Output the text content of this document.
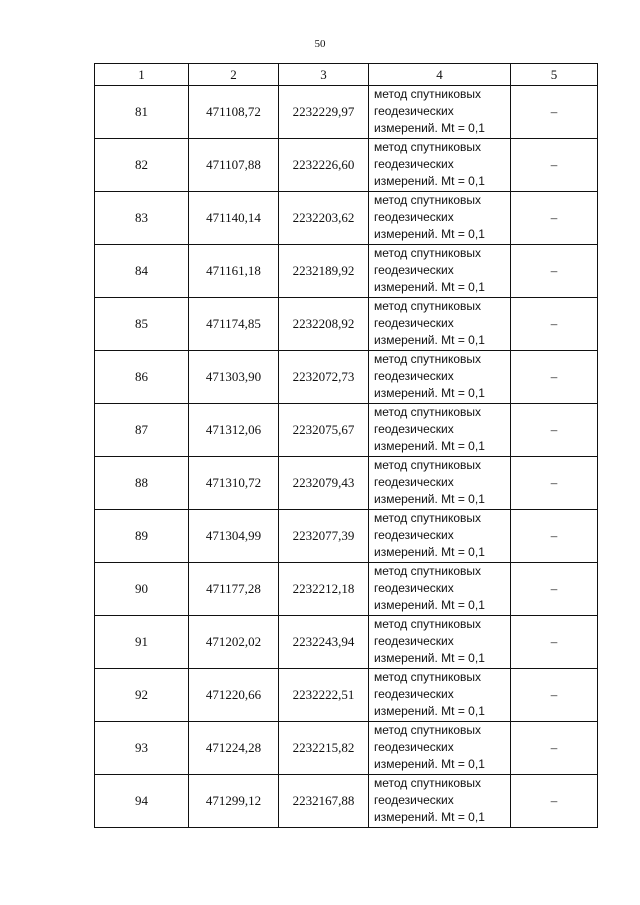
50
1	2	3	4	5
81	471108,72	2232229,97	метод спутниковых
геодезических
измерений. Mt = 0,1	–
82	471107,88	2232226,60	метод спутниковых
геодезических
измерений. Mt = 0,1	–
83	471140,14	2232203,62	метод спутниковых
геодезических
измерений. Mt = 0,1	–
84	471161,18	2232189,92	метод спутниковых
геодезических
измерений. Mt = 0,1	–
85	471174,85	2232208,92	метод спутниковых
геодезических
измерений. Mt = 0,1	–
86	471303,90	2232072,73	метод спутниковых
геодезических
измерений. Mt = 0,1	–
87	471312,06	2232075,67	метод спутниковых
геодезических
измерений. Mt = 0,1	–
88	471310,72	2232079,43	метод спутниковых
геодезических
измерений. Mt = 0,1	–
89	471304,99	2232077,39	метод спутниковых
геодезических
измерений. Mt = 0,1	–
90	471177,28	2232212,18	метод спутниковых
геодезических
измерений. Mt = 0,1	–
91	471202,02	2232243,94	метод спутниковых
геодезических
измерений. Mt = 0,1	–
92	471220,66	2232222,51	метод спутниковых
геодезических
измерений. Mt = 0,1	–
93	471224,28	2232215,82	метод спутниковых
геодезических
измерений. Mt = 0,1	–
94	471299,12	2232167,88	метод спутниковых
геодезических
измерений. Mt = 0,1	–
